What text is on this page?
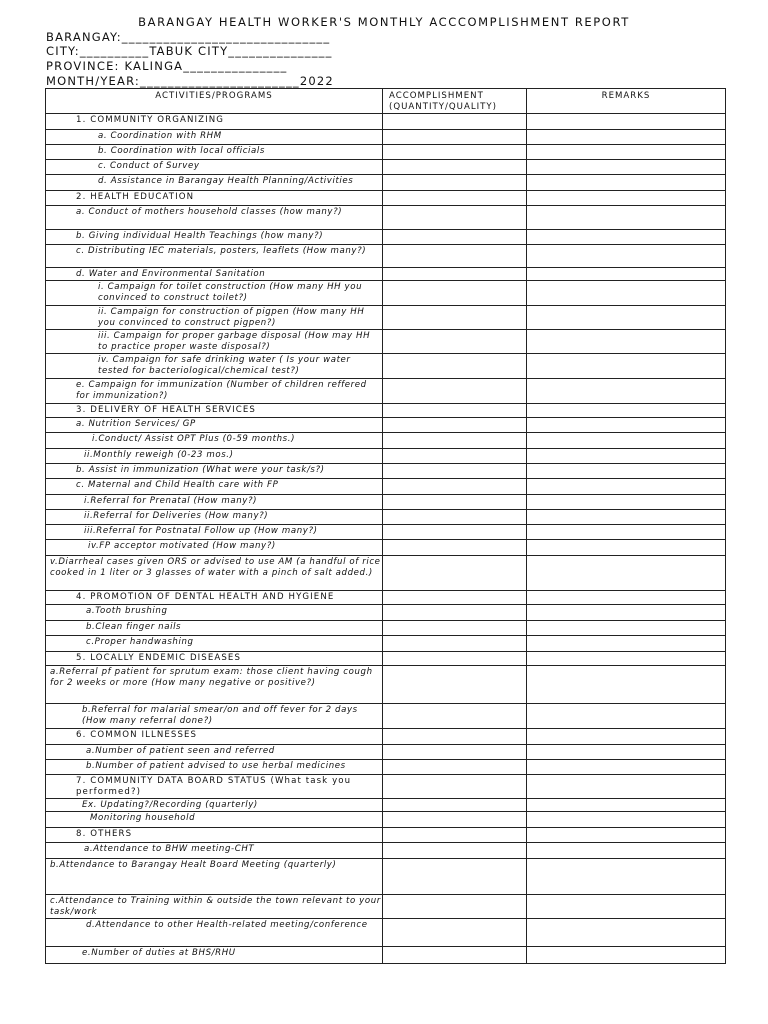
BARANGAY HEALTH WORKER'S MONTHLY ACCCOMPLISHMENT REPORT
BARANGAY:______________________________
CITY:__________TABUK CITY_______________
PROVINCE: KALINGA_______________
MONTH/YEAR:_______________________2022
ACTIVITIES/PROGRAMS	ACCOMPLISHMENT (QUANTITY/QUALITY)	REMARKS
1. COMMUNITY ORGANIZING		
a. Coordination with RHM		
b. Coordination with local officials		
c. Conduct of Survey		
d. Assistance in Barangay Health Planning/Activities		
2. HEALTH EDUCATION		
a. Conduct of mothers household classes (how many?)		
b. Giving individual Health Teachings (how many?)		
c. Distributing IEC materials, posters, leaflets (How many?)		
d. Water and Environmental Sanitation		
i. Campaign for toilet construction (How many HH you convinced to construct toilet?)		
ii. Campaign for construction of pigpen (How many HH you convinced to construct pigpen?)		
iii. Campaign for proper garbage disposal (How may HH to practice proper waste disposal?)		
iv. Campaign for safe drinking water ( Is your water tested for bacteriological/chemical test?)		
e. Campaign for immunization (Number of children reffered for immunization?)		
3. DELIVERY OF HEALTH SERVICES		
a. Nutrition Services/ GP		
i.Conduct/ Assist OPT Plus (0-59 months.)		
ii.Monthly reweigh (0-23 mos.)		
b. Assist in immunization (What were your task/s?)		
c. Maternal and Child Health care with FP		
i.Referral for Prenatal (How many?)		
ii.Referral for Deliveries (How many?)		
iii.Referral for Postnatal Follow up (How many?)		
iv.FP acceptor motivated (How many?)		
v.Diarrheal cases given ORS or advised to use AM (a handful of rice cooked in 1 liter or 3 glasses of water with a pinch of salt added.)		
4. PROMOTION OF DENTAL HEALTH AND HYGIENE		
a.Tooth brushing		
b.Clean finger nails		
c.Proper handwashing		
5. LOCALLY ENDEMIC DISEASES		
a.Referral pf patient for sprutum exam: those client having cough for 2 weeks or more (How many negative or positive?)		
b.Referral for malarial smear/on and off fever for 2 days (How many referral done?)		
6. COMMON ILLNESSES		
a.Number of patient seen and referred		
b.Number of patient advised to use herbal medicines		
7. COMMUNITY DATA BOARD STATUS (What task you performed?)		
Ex. Updating?/Recording (quarterly)		
Monitoring household		
8. OTHERS		
a.Attendance to BHW meeting-CHT		
b.Attendance to Barangay Healt Board Meeting (quarterly)		
c.Attendance to Training within & outside the town relevant to your task/work		
d.Attendance to other Health-related meeting/conference		
e.Number of duties at BHS/RHU		
